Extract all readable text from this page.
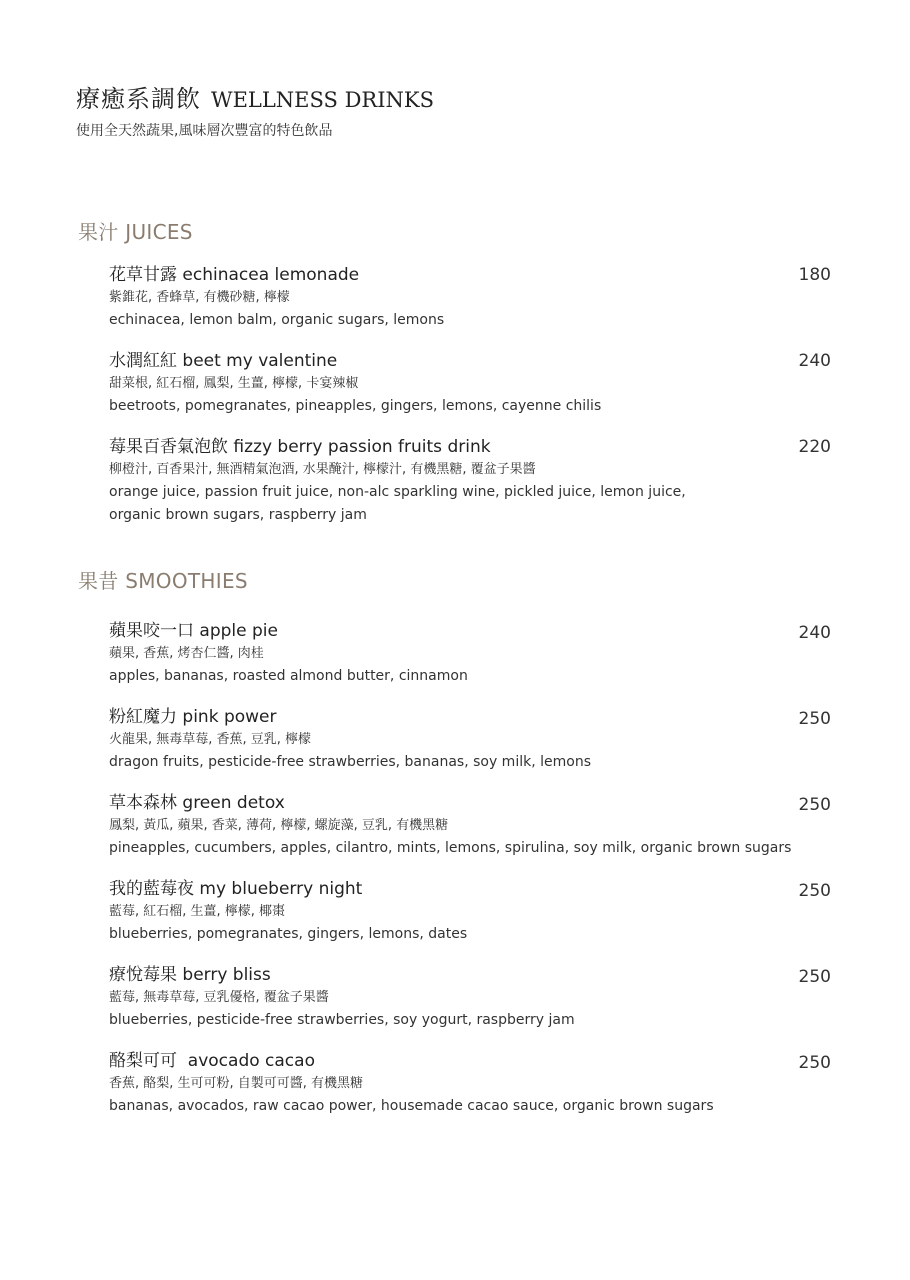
療癒系調飲 WELLNESS DRINKS
使用全天然蔬果,風味層次豐富的特色飲品
果汁 JUICES
花草甘露 echinacea lemonade	180
紫錐花, 香蜂草, 有機砂糖, 檸檬
echinacea, lemon balm, organic sugars, lemons
水潤紅紅 beet my valentine	240
甜菜根, 紅石榴, 鳳梨, 生薑, 檸檬, 卡宴辣椒
beetroots, pomegranates, pineapples, gingers, lemons, cayenne chilis
莓果百香氣泡飲 fizzy berry passion fruits drink	220
柳橙汁, 百香果汁, 無酒精氣泡酒, 水果醃汁, 檸檬汁, 有機黑糖, 覆盆子果醬
orange juice, passion fruit juice, non-alc sparkling wine, pickled juice, lemon juice, organic brown sugars, raspberry jam
果昔 SMOOTHIES
蘋果咬一口 apple pie	240
蘋果, 香蕉, 烤杏仁醬, 肉桂
apples, bananas, roasted almond butter, cinnamon
粉紅魔力 pink power	250
火龍果, 無毒草莓, 香蕉, 豆乳, 檸檬
dragon fruits, pesticide-free strawberries, bananas, soy milk, lemons
草本森林 green detox	250
鳳梨, 黃瓜, 蘋果, 香菜, 薄荷, 檸檬, 螺旋藻, 豆乳, 有機黑糖
pineapples, cucumbers, apples, cilantro, mints, lemons, spirulina, soy milk, organic brown sugars
我的藍莓夜 my blueberry night	250
藍莓, 紅石榴, 生薑, 檸檬, 椰棗
blueberries, pomegranates, gingers, lemons, dates
療悅莓果 berry bliss	250
藍莓, 無毒草莓, 豆乳優格, 覆盆子果醬
blueberries, pesticide-free strawberries, soy yogurt, raspberry jam
酪梨可可  avocado cacao	250
香蕉, 酪梨, 生可可粉, 自製可可醬, 有機黑糖
bananas, avocados, raw cacao power, housemade cacao sauce, organic brown sugars
